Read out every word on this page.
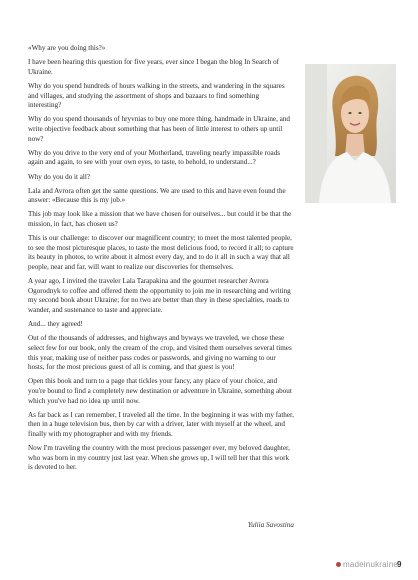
«Why are you doing this?»

I have been hearing this question for five years, ever since I began the blog In Search of Ukraine.

Why do you spend hundreds of hours walking in the streets, and wandering in the squares and villages, and studying the assortment of shops and bazaars to find something interesting?

Why do you spend thousands of hryvnias to buy one more thing, handmade in Ukraine, and write objective feedback about something that has been of little interest to others up until now?

Why do you drive to the very end of your Motherland, traveling nearly impassible roads again and again, to see with your own eyes, to taste, to behold, to understand...?

Why do you do it all?

Lala and Avrora often get the same questions. We are used to this and have even found the answer: «Because this is my job.»

This job may look like a mission that we have chosen for ourselves... but could it be that the mission, in fact, has chosen us?

This is our challenge: to discover our magnificent country; to meet the most talented people, to see the most picturesque places, to taste the most delicious food, to record it all; to capture its beauty in photos, to write about it almost every day, and to do it all in such a way that all people, near and far, will want to realize our discoveries for themselves.

A year ago, I invited the traveler Lala Tarapakina and the gourmet researcher Avrora Ogorodnyk to coffee and offered them the opportunity to join me in researching and writing my second book about Ukraine; for no two are better than they in these specialties, roads to wander, and sustenance to taste and appreciate.

And... they agreed!

Out of the thousands of addresses, and highways and byways we traveled, we chose these select few for our book, only the cream of the crop, and visited them ourselves several times this year, making use of neither pass codes or passwords, and giving no warning to our hosts, for the most precious guest of all is coming, and that guest is you!

Open this book and turn to a page that tickles your fancy, any place of your choice, and you're bound to find a completely new destination or adventure in Ukraine, something about which you've had no idea up until now.

As far back as I can remember, I traveled all the time. In the beginning it was with my father, then in a huge television bus, then by car with a driver, later with myself at the wheel, and finally with my photographer and with my friends.

Now I'm traveling the country with the most precious passenger ever, my beloved daughter, who was born in my country just last year. When she grows up, I will tell her that this work is devoted to her.

Yuliia Savostina
madeinukraine
9
